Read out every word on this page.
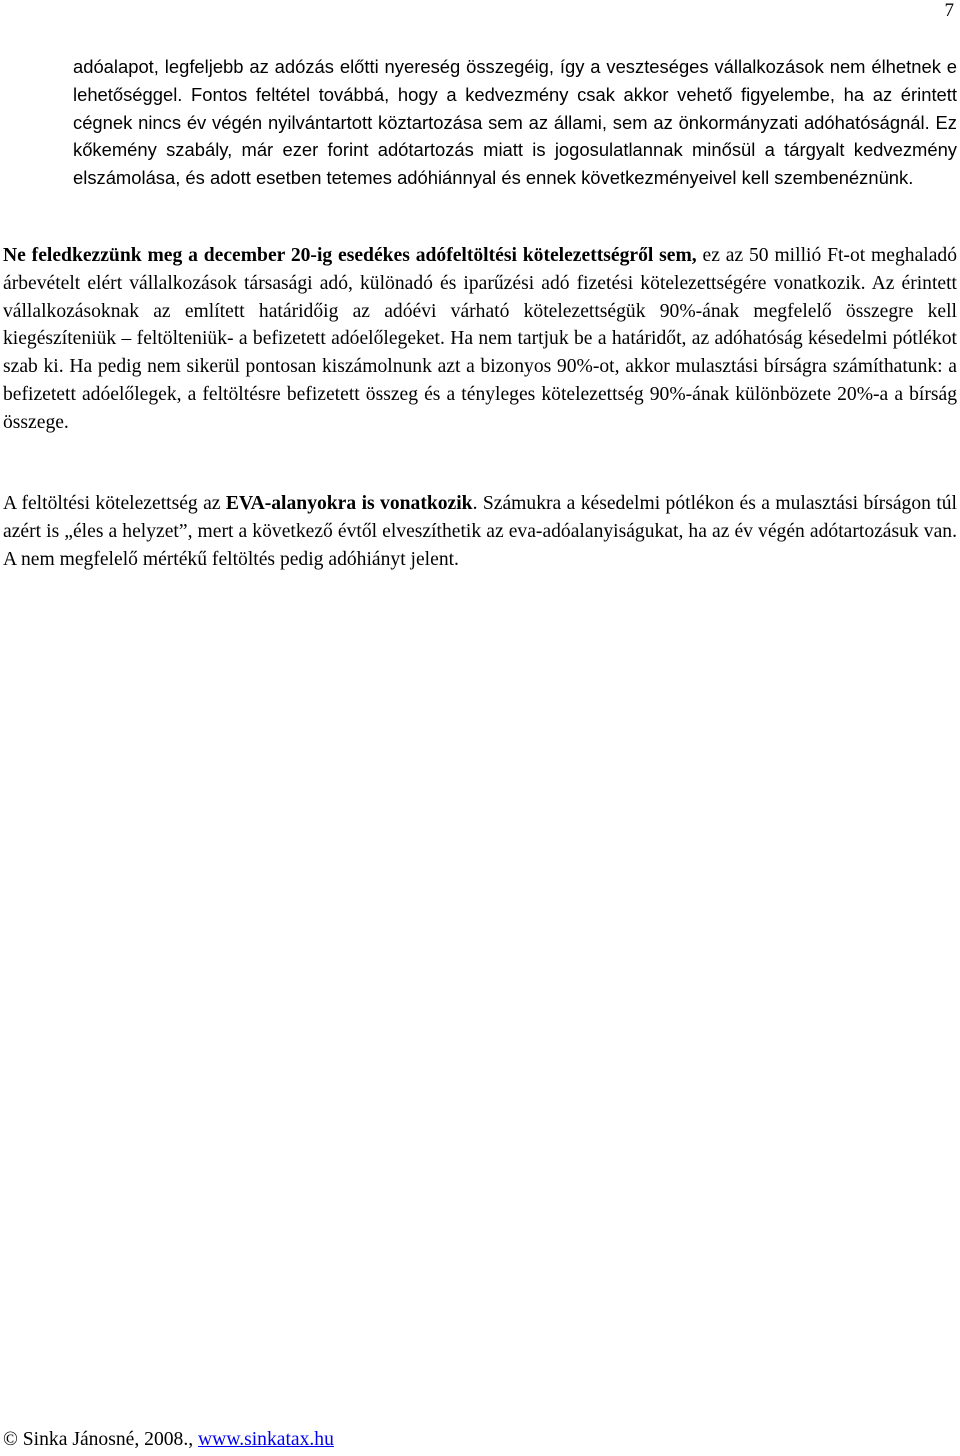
7

adóalapot, legfeljebb az adózás előtti nyereség összegéig, így a veszteséges vállalkozások nem élhetnek e lehetőséggel. Fontos feltétel továbbá, hogy a kedvezmény csak akkor vehető figyelembe, ha az érintett cégnek nincs év végén nyilvántartott köztartozása sem az állami, sem az önkormányzati adóhatóságnál. Ez kőkemény szabály, már ezer forint adótartozás miatt is jogosulatlannak minősül a tárgyalt kedvezmény elszámolása, és adott esetben tetemes adóhiánnyal és ennek következményeivel kell szembenéznünk.

Ne feledkezzünk meg a december 20-ig esedékes adófeltöltési kötelezettségről sem, ez az 50 millió Ft-ot meghaladó árbevételt elért vállalkozások társasági adó, különadó és iparűzési adó fizetési kötelezettségére vonatkozik. Az érintett vállalkozásoknak az említett határidőig az adóévi várható kötelezettségük 90%-ának megfelelő összegre kell kiegészíteniük – feltölteniük- a befizetett adóelőlegeket. Ha nem tartjuk be a határidőt, az adóhatóság késedelmi pótlékot szab ki. Ha pedig nem sikerül pontosan kiszámolnunk azt a bizonyos 90%-ot, akkor mulasztási bírságra számíthatunk: a befizetett adóelőlegek, a feltöltésre befizetett összeg és a tényleges kötelezettség 90%-ának különbözete 20%-a a bírság összege.

A feltöltési kötelezettség az EVA-alanyokra is vonatkozik. Számukra a késedelmi pótlékon és a mulasztási bírságon túl azért is „éles a helyzet”, mert a következő évtől elveszíthetik az eva-adóalanyiságukat, ha az év végén adótartozásuk van. A nem megfelelő mértékű feltöltés pedig adóhiányt jelent.

© Sinka Jánosné, 2008., www.sinkatax.hu
